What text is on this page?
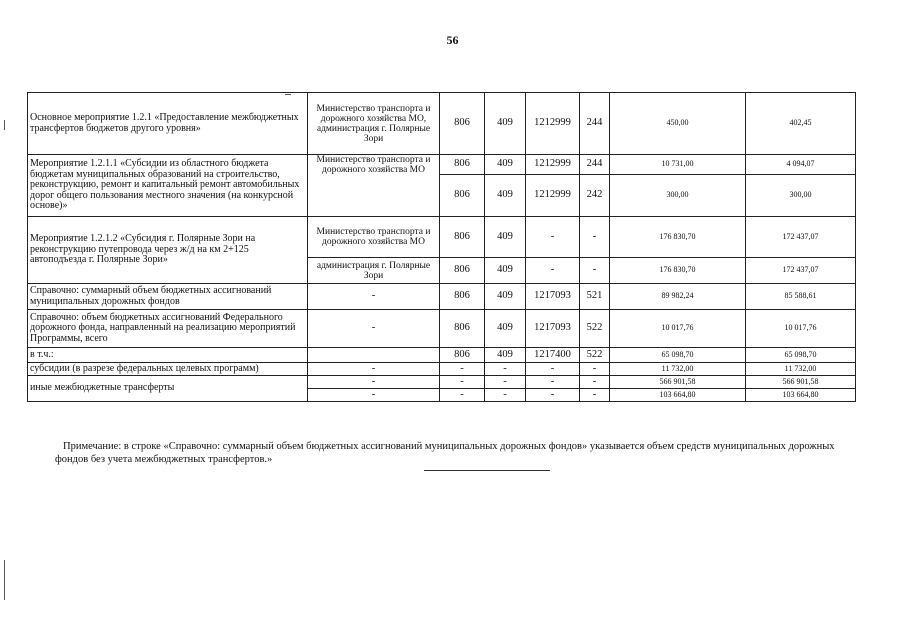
56
Основное мероприятие 1.2.1 «Предоставление межбюджетных трансфертов бюджетов другого уровня»	Министерство транспорта и дорожного хозяйства МО, администрация г. Полярные Зори	806	409	1212999	244	450,00	402,45
Мероприятие 1.2.1.1 «Субсидии из областного бюджета бюджетам муниципальных образований на строительство, реконструкцию, ремонт и капитальный ремонт автомобильных дорог общего пользования местного значения (на конкурсной основе)»	Министерство транспорта и дорожного хозяйства МО	806	409	1212999	244	10 731,00	4 094,07
		806	409	1212999	242	300,00	300,00
Мероприятие 1.2.1.2 «Субсидия г. Полярные Зори на реконструкцию путепровода через ж/д на км 2+125 автоподъезда г. Полярные Зори»	Министерство транспорта и дорожного хозяйства МО	806	409	-	-	176 830,70	172 437,07
	администрация г. Полярные Зори	806	409	-	-	176 830,70	172 437,07
Справочно: суммарный объем бюджетных ассигнований муниципальных дорожных фондов	-	806	409	1217093	521	89 982,24	85 588,61
Справочно: объем бюджетных ассигнований Федерального дорожного фонда, направленный на реализацию мероприятий Программы, всего	-	806	409	1217093	522	10 017,76	10 017,76
в т.ч.:		806	409	1217400	522	65 098,70	65 098,70
субсидии (в разрезе федеральных целевых программ)	-	-	-	-	-	11 732,00	11 732,00
иные межбюджетные трансферты	-	-	-	-	-	566 901,58	566 901,58
	-	-	-	-	-	103 664,80	103 664,80
Примечание: в строке «Справочно: суммарный объем бюджетных ассигнований муниципальных дорожных фондов» указывается объем средств муниципальных дорожных фондов без учета межбюджетных трансфертов.»
